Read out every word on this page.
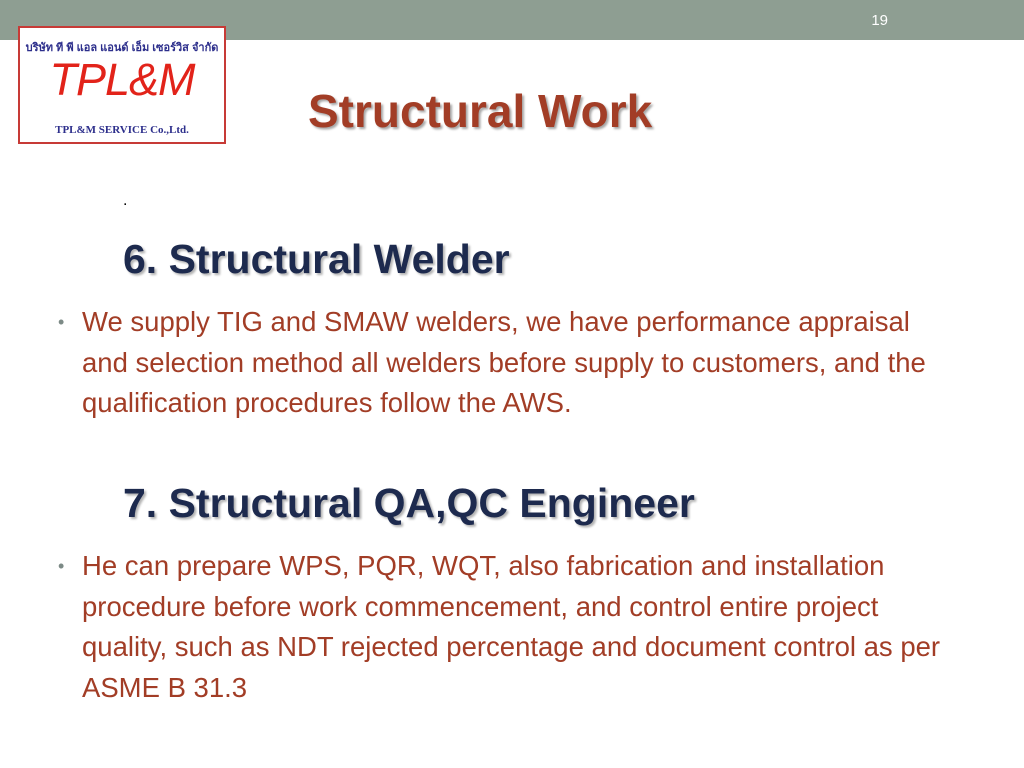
19
บริษัท ที พี แอล แอนด์ เอ็ม เซอร์วิส จำกัด
TPL&M
TPL&M SERVICE Co.,Ltd.	Structural Work
.
6. Structural Welder
• We supply TIG and SMAW welders, we have performance appraisal and selection method all welders before supply to customers, and the qualification procedures follow the AWS.
7. Structural QA,QC Engineer
• He can prepare WPS, PQR, WQT, also fabrication and installation procedure before work commencement, and control entire project quality, such as NDT rejected percentage and document control as per ASME B 31.3
